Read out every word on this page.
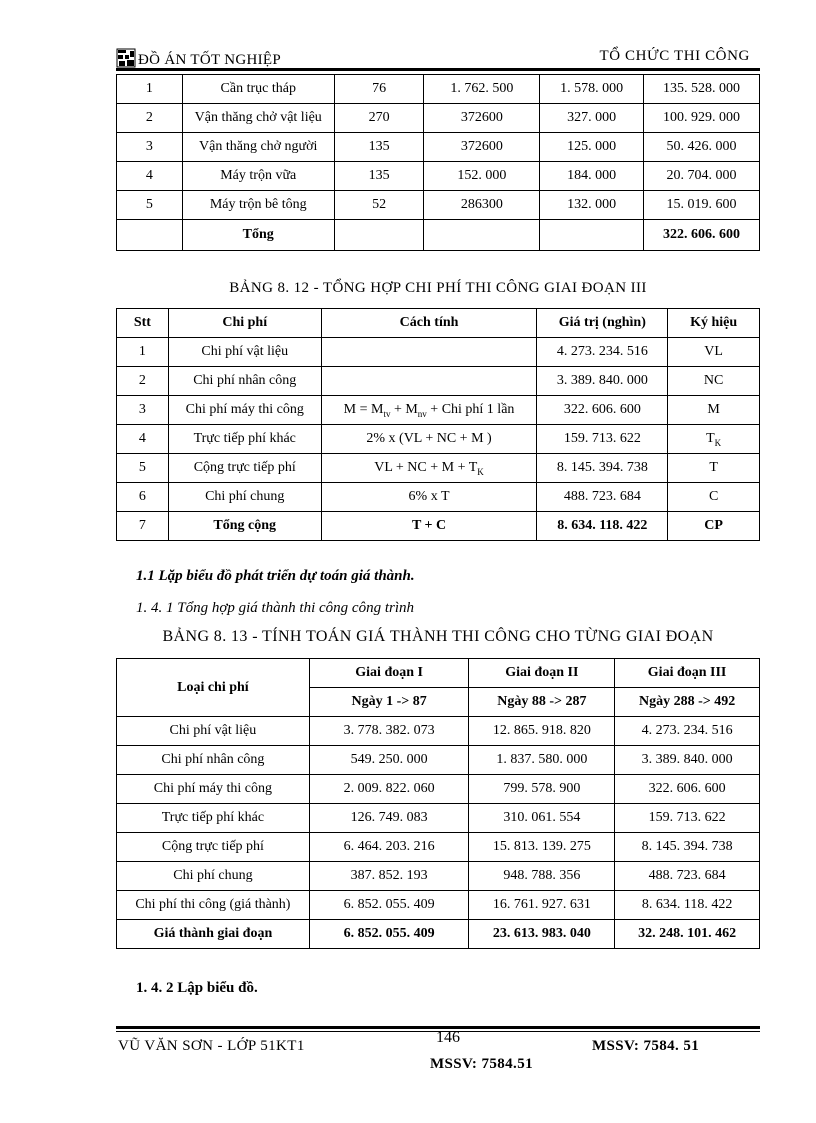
ĐỒ ÁN TỐT NGHIỆP	TỔ CHỨC THI CÔNG
1	Cần trục tháp	76	1. 762. 500	1. 578. 000	135. 528. 000
2	Vận thăng chở vật liệu	270	372600	327. 000	100. 929. 000
3	Vận thăng chở người	135	372600	125. 000	50. 426. 000
4	Máy trộn vữa	135	152. 000	184. 000	20. 704. 000
5	Máy trộn bê tông	52	286300	132. 000	15. 019. 600
	Tổng				322. 606. 600
BẢNG 8. 12 - TỔNG HỢP CHI PHÍ THI CÔNG GIAI ĐOẠN III
Stt	Chi phí	Cách tính	Giá trị (nghìn)	Ký hiệu
1	Chi phí vật liệu		4. 273. 234. 516	VL
2	Chi phí nhân công		3. 389. 840. 000	NC
3	Chi phí máy thi công	$M = M_{tv} + M_{nv}$ + Chi phí 1 lần	322. 606. 600	M
4	Trực tiếp phí khác	2% x (VL + NC + M )	159. 713. 622	$T_K$
5	Cộng trực tiếp phí	VL + NC + $M + T_K$	8. 145. 394. 738	T
6	Chi phí chung	6% x T	488. 723. 684	C
7	Tổng cộng	T + C	8. 634. 118. 422	CP
1.1 Lặp biểu đồ phát triển dự toán giá thành.
1. 4. 1 Tổng hợp giá thành thi công công trình
BẢNG 8. 13 - TÍNH TOÁN GIÁ THÀNH THI CÔNG CHO TỪNG GIAI ĐOẠN
Loại chi phí	Giai đoạn I	Giai đoạn II	Giai đoạn III
	Ngày 1 -> 87	Ngày 88 -> 287	Ngày 288 -> 492
Chi phí vật liệu	3. 778. 382. 073	12. 865. 918. 820	4. 273. 234. 516
Chi phí nhân công	549. 250. 000	1. 837. 580. 000	3. 389. 840. 000
Chi phí máy thi công	2. 009. 822. 060	799. 578. 900	322. 606. 600
Trực tiếp phí khác	126. 749. 083	310. 061. 554	159. 713. 622
Cộng trực tiếp phí	6. 464. 203. 216	15. 813. 139. 275	8. 145. 394. 738
Chi phí chung	387. 852. 193	948. 788. 356	488. 723. 684
Chi phí thi công (giá thành)	6. 852. 055. 409	16. 761. 927. 631	8. 634. 118. 422
Giá thành giai đoạn	6. 852. 055. 409	23. 613. 983. 040	32. 248. 101. 462
1. 4. 2 Lập biểu đồ.
VŨ VĂN SƠN - LỚP 51KT1	146	MSSV: 7584. 51
MSSV: 7584.51
